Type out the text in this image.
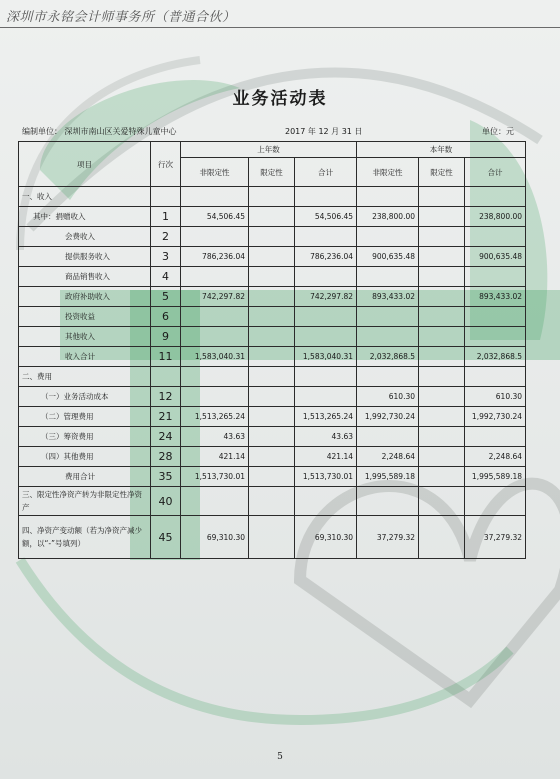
深圳市永铭会计师事务所（普通合伙）
业务活动表
编制单位： 深圳市南山区关爱特殊儿童中心	2017 年 12 月 31 日	单位：元
项目	行次	上年数			本年数		
		非限定性	限定性	合计	非限定性	限定性	合计
一、收入							
其中：捐赠收入	1	54,506.45		54,506.45	238,800.00		238,800.00
会费收入	2						
提供服务收入	3	786,236.04		786,236.04	900,635.48		900,635.48
商品销售收入	4						
政府补助收入	5	742,297.82		742,297.82	893,433.02		893,433.02
投资收益	6						
其他收入	9						
收入合计	11	1,583,040.31		1,583,040.31	2,032,868.5		2,032,868.5
二、费用							
（一）业务活动成本	12				610.30		610.30
（二）管理费用	21	1,513,265.24		1,513,265.24	1,992,730.24		1,992,730.24
（三）筹资费用	24	43.63		43.63			
（四）其他费用	28	421.14		421.14	2,248.64		2,248.64
费用合计	35	1,513,730.01		1,513,730.01	1,995,589.18		1,995,589.18
三、限定性净资产转为非限定性净资产	40						
四、净资产变动额（若为净资产减少额，以“-”号填列）	45	69,310.30		69,310.30	37,279.32		37,279.32
5
